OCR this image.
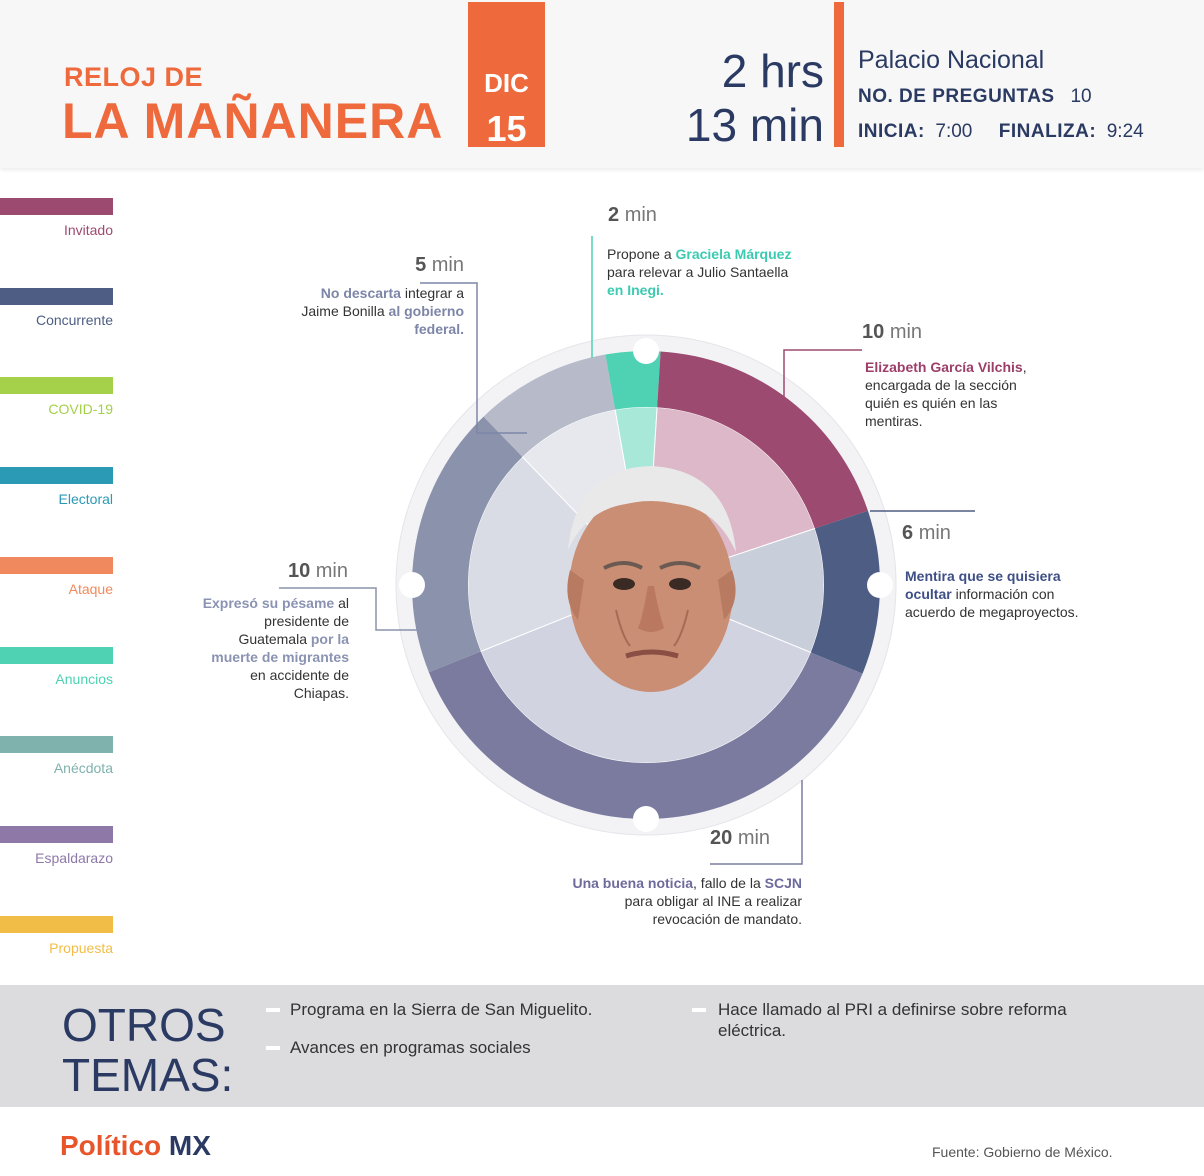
RELOJ DE
LA MAÑANERA
DIC
15
2 hrs
13 min
Palacio Nacional
NO. DE PREGUNTAS 10
INICIA: 7:00 FINALIZA: 9:24
Invitado
Concurrente
COVID-19
Electoral
Ataque
Anuncios
Anécdota
Espaldarazo
Propuesta
2 min
Propone a Graciela Márquez para relevar a Julio Santaella en Inegi.
10 min
Elizabeth García Vilchis, encargada de la sección quién es quién en las mentiras.
6 min
Mentira que se quisiera ocultar información con acuerdo de megaproyectos.
20 min
Una buena noticia, fallo de la SCJN para obligar al INE a realizar revocación de mandato.
10 min
Expresó su pésame al presidente de Guatemala por la muerte de migrantes en accidente de Chiapas.
5 min
No descarta integrar a Jaime Bonilla al gobierno federal.
OTROS
TEMAS:
Programa en la Sierra de San Miguelito.
Avances en programas sociales
Hace llamado al PRI a definirse sobre reforma eléctrica.
Político MX	Fuente: Gobierno de México.
